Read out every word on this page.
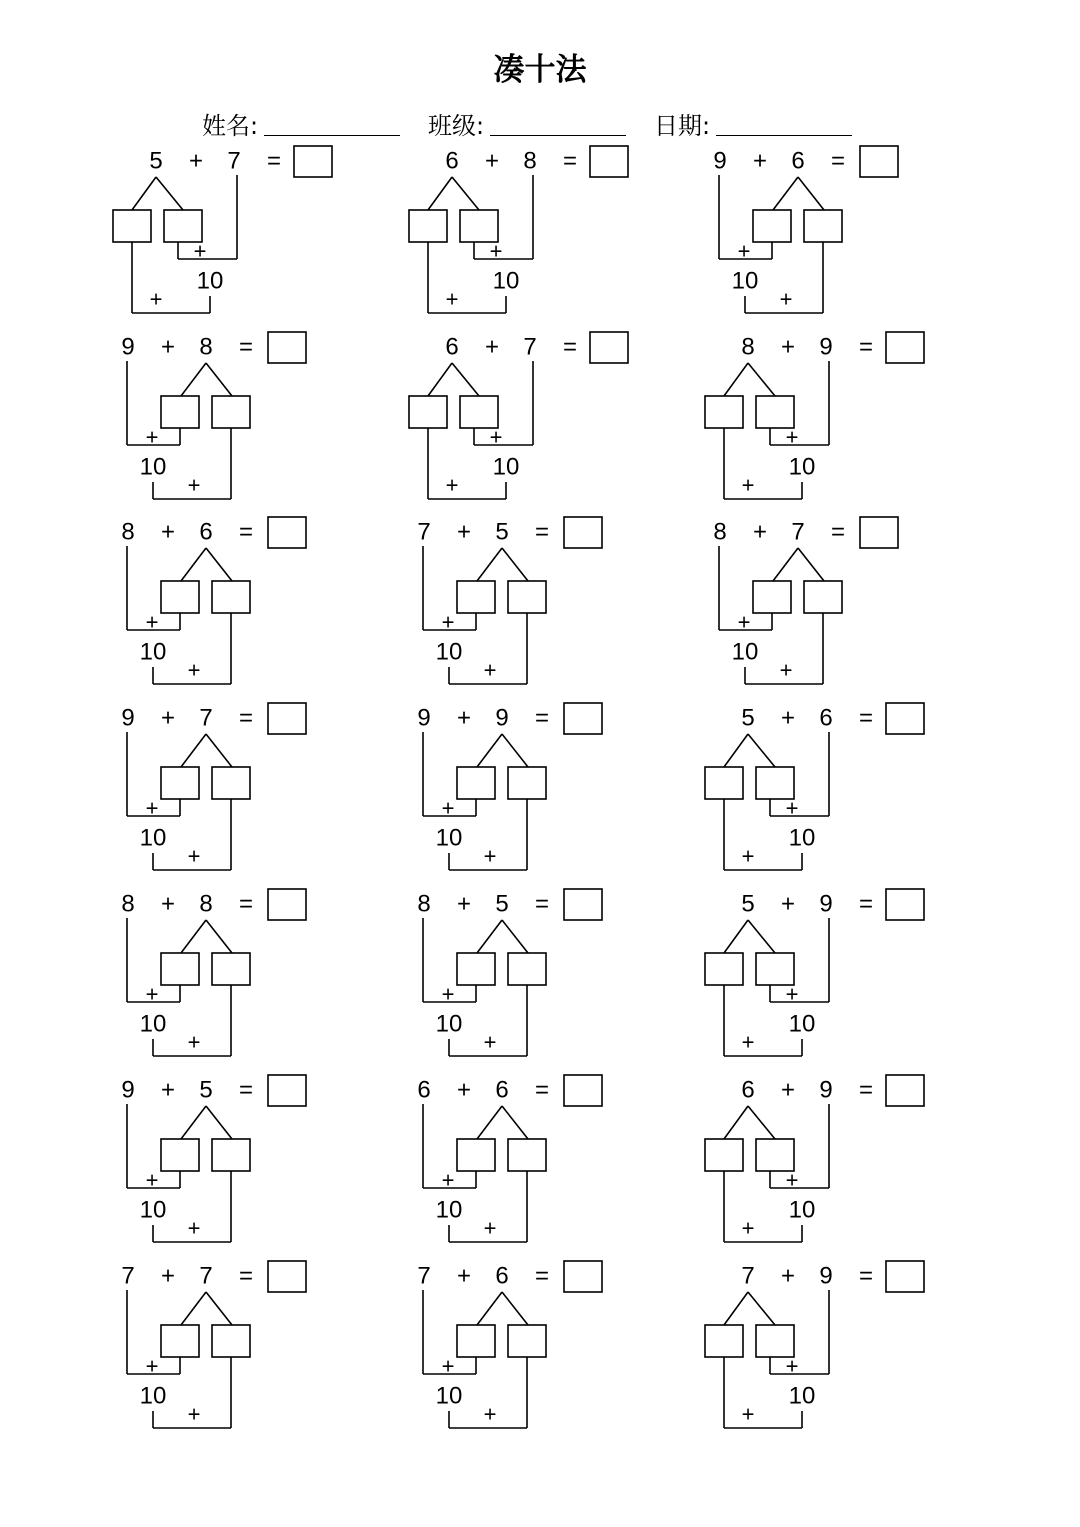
凑十法
姓名:	班级:	日期:
5 + 7 =
+
10
+
6 + 8 =
+
10
+
9 + 6 =
+
10
+
9 + 8 =
+
10
+
6 + 7 =
+
10
+
8 + 9 =
+
10
+
8 + 6 =
+
10
+
7 + 5 =
+
10
+
8 + 7 =
+
10
+
9 + 7 =
+
10
+
9 + 9 =
+
10
+
5 + 6 =
+
10
+
8 + 8 =
+
10
+
8 + 5 =
+
10
+
5 + 9 =
+
10
+
9 + 5 =
+
10
+
6 + 6 =
+
10
+
6 + 9 =
+
10
+
7 + 7 =
+
10
+
7 + 6 =
+
10
+
7 + 9 =
+
10
+
